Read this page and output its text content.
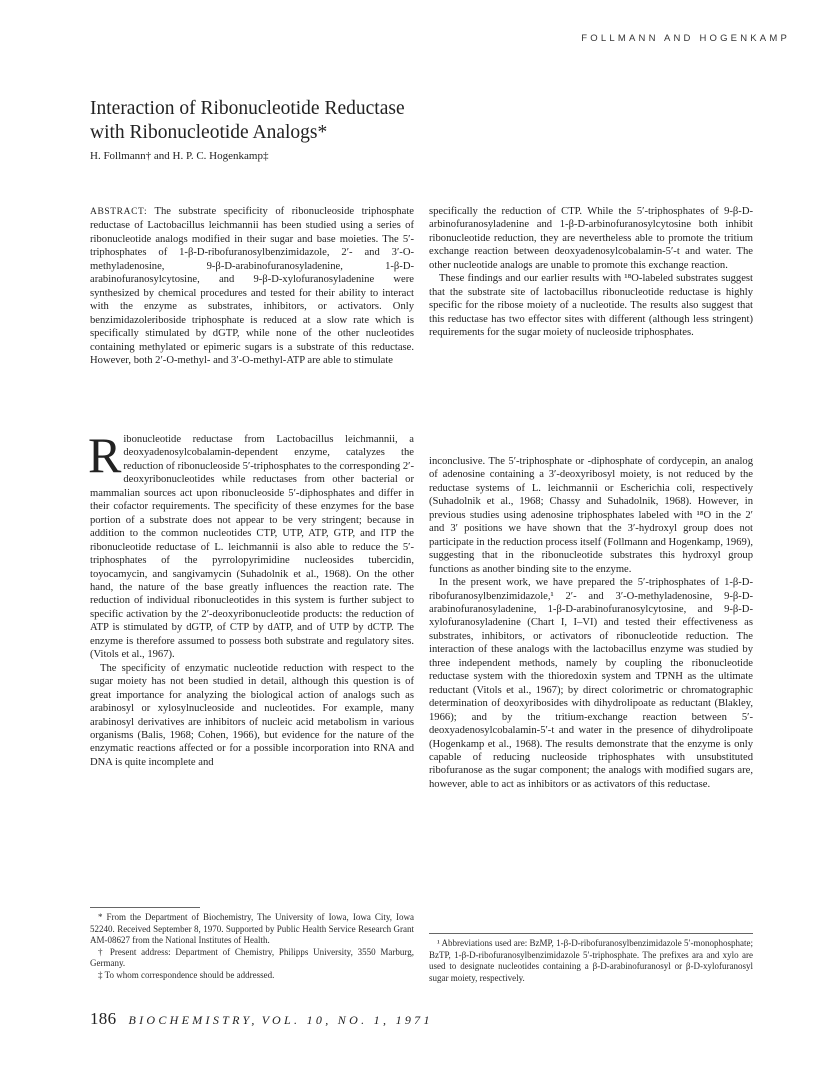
FOLLMANN AND HOGENKAMP
Interaction of Ribonucleotide Reductase
with Ribonucleotide Analogs*
H. Follmann† and H. P. C. Hogenkamp‡

ABSTRACT: The substrate specificity of ribonucleoside triphosphate reductase of Lactobacillus leichmannii has been studied using a series of ribonucleotide analogs modified in their sugar and base moieties. The 5′-triphosphates of 1-β-D-ribofuranosylbenzimidazole, 2′- and 3′-O-methyladenosine, 9-β-D-arabinofuranosyladenine, 1-β-D-arabinofuranosylcytosine, and 9-β-D-xylofuranosyladenine were synthesized by chemical procedures and tested for their ability to interact with the enzyme as substrates, inhibitors, or activators. Only benzimidazoleriboside triphosphate is reduced at a slow rate which is specifically stimulated by dGTP, while none of the other nucleotides containing methylated or epimeric sugars is a substrate of this reductase. However, both 2′-O-methyl- and 3′-O-methyl-ATP are able to stimulate

specifically the reduction of CTP. While the 5′-triphosphates of 9-β-D-arbinofuranosyladenine and 1-β-D-arbinofuranosylcytosine both inhibit ribonucleotide reduction, they are nevertheless able to promote the tritium exchange reaction between deoxyadenosylcobalamin-5′-t and water. The other nucleotide analogs are unable to promote this exchange reaction.

These findings and our earlier results with ¹⁸O-labeled substrates suggest that the substrate site of lactobacillus ribonucleotide reductase is highly specific for the ribose moiety of a nucleotide. The results also suggest that this reductase has two effector sites with different (although less stringent) requirements for the sugar moiety of nucleoside triphosphates.

Ribonucleotide reductase from Lactobacillus leichmannii, a deoxyadenosylcobalamin-dependent enzyme, catalyzes the reduction of ribonucleoside 5′-triphosphates to the corresponding 2′-deoxyribonucleotides while reductases from other bacterial or mammalian sources act upon ribonucleoside 5′-diphosphates and differ in their cofactor requirements. The specificity of these enzymes for the base portion of a substrate does not appear to be very stringent; because in addition to the common nucleotides CTP, UTP, ATP, GTP, and ITP the ribonucleotide reductase of L. leichmannii is also able to reduce the 5′-triphosphates of the pyrrolopyrimidine nucleosides tubercidin, toyocamycin, and sangivamycin (Suhadolnik et al., 1968). On the other hand, the nature of the base greatly influences the reaction rate. The reduction of individual ribonucleotides in this system is further subject to specific activation by the 2′-deoxyribonucleotide products: the reduction of ATP is stimulated by dGTP, of CTP by dATP, and of UTP by dCTP. The enzyme is therefore assumed to possess both substrate and regulatory sites. (Vitols et al., 1967).

The specificity of enzymatic nucleotide reduction with respect to the sugar moiety has not been studied in detail, although this question is of great importance for analyzing the biological action of analogs such as arabinosyl or xylosylnucleoside and nucleotides. For example, many arabinosyl derivatives are inhibitors of nucleic acid metabolism in various organisms (Balis, 1968; Cohen, 1966), but evidence for the nature of the enzymatic reactions affected or for a possible incorporation into RNA and DNA is quite incomplete and

inconclusive. The 5′-triphosphate or -diphosphate of cordycepin, an analog of adenosine containing a 3′-deoxyribosyl moiety, is not reduced by the reductase systems of L. leichmannii or Escherichia coli, respectively (Suhadolnik et al., 1968; Chassy and Suhadolnik, 1968). However, in previous studies using adenosine triphosphates labeled with ¹⁸O in the 2′ and 3′ positions we have shown that the 3′-hydroxyl group does not participate in the reduction process itself (Follmann and Hogenkamp, 1969), suggesting that in the ribonucleotide substrates this hydroxyl group functions as another binding site to the enzyme.

In the present work, we have prepared the 5′-triphosphates of 1-β-D-ribofuranosylbenzimidazole,¹ 2′- and 3′-O-methyladenosine, 9-β-D-arabinofuranosyladenine, 1-β-D-arabinofuranosylcytosine, and 9-β-D-xylofuranosyladenine (Chart I, I–VI) and tested their effectiveness as substrates, inhibitors, or activators of ribonucleotide reduction. The interaction of these analogs with the lactobacillus enzyme was studied by three independent methods, namely by coupling the ribonucleotide reductase system with the thioredoxin system and TPNH as the ultimate reductant (Vitols et al., 1967); by direct colorimetric or chromatographic determination of deoxyribosides with dihydrolipoate as reductant (Blakley, 1966); and by the tritium-exchange reaction between 5′-deoxyadenosylcobalamin-5′-t and water in the presence of dihydrolipoate (Hogenkamp et al., 1968). The results demonstrate that the enzyme is only capable of reducing nucleoside triphosphates with unsubstituted ribofuranose as the sugar component; the analogs with modified sugars are, however, able to act as inhibitors or as activators of this reductase.

* From the Department of Biochemistry, The University of Iowa, Iowa City, Iowa 52240. Received September 8, 1970. Supported by Public Health Service Research Grant AM-08627 from the National Institutes of Health.

† Present address: Department of Chemistry, Philipps University, 3550 Marburg, Germany.

‡ To whom correspondence should be addressed.

¹ Abbreviations used are: BzMP, 1-β-D-ribofuranosylbenzimidazole 5′-monophosphate; BzTP, 1-β-D-ribofuranosylbenzimidazole 5′-triphosphate. The prefixes ara and xylo are used to designate nucleotides containing a β-D-arabinofuranosyl or β-D-xylofuranosyl sugar moiety, respectively.

186 BIOCHEMISTRY, VOL. 10, NO. 1, 1971
